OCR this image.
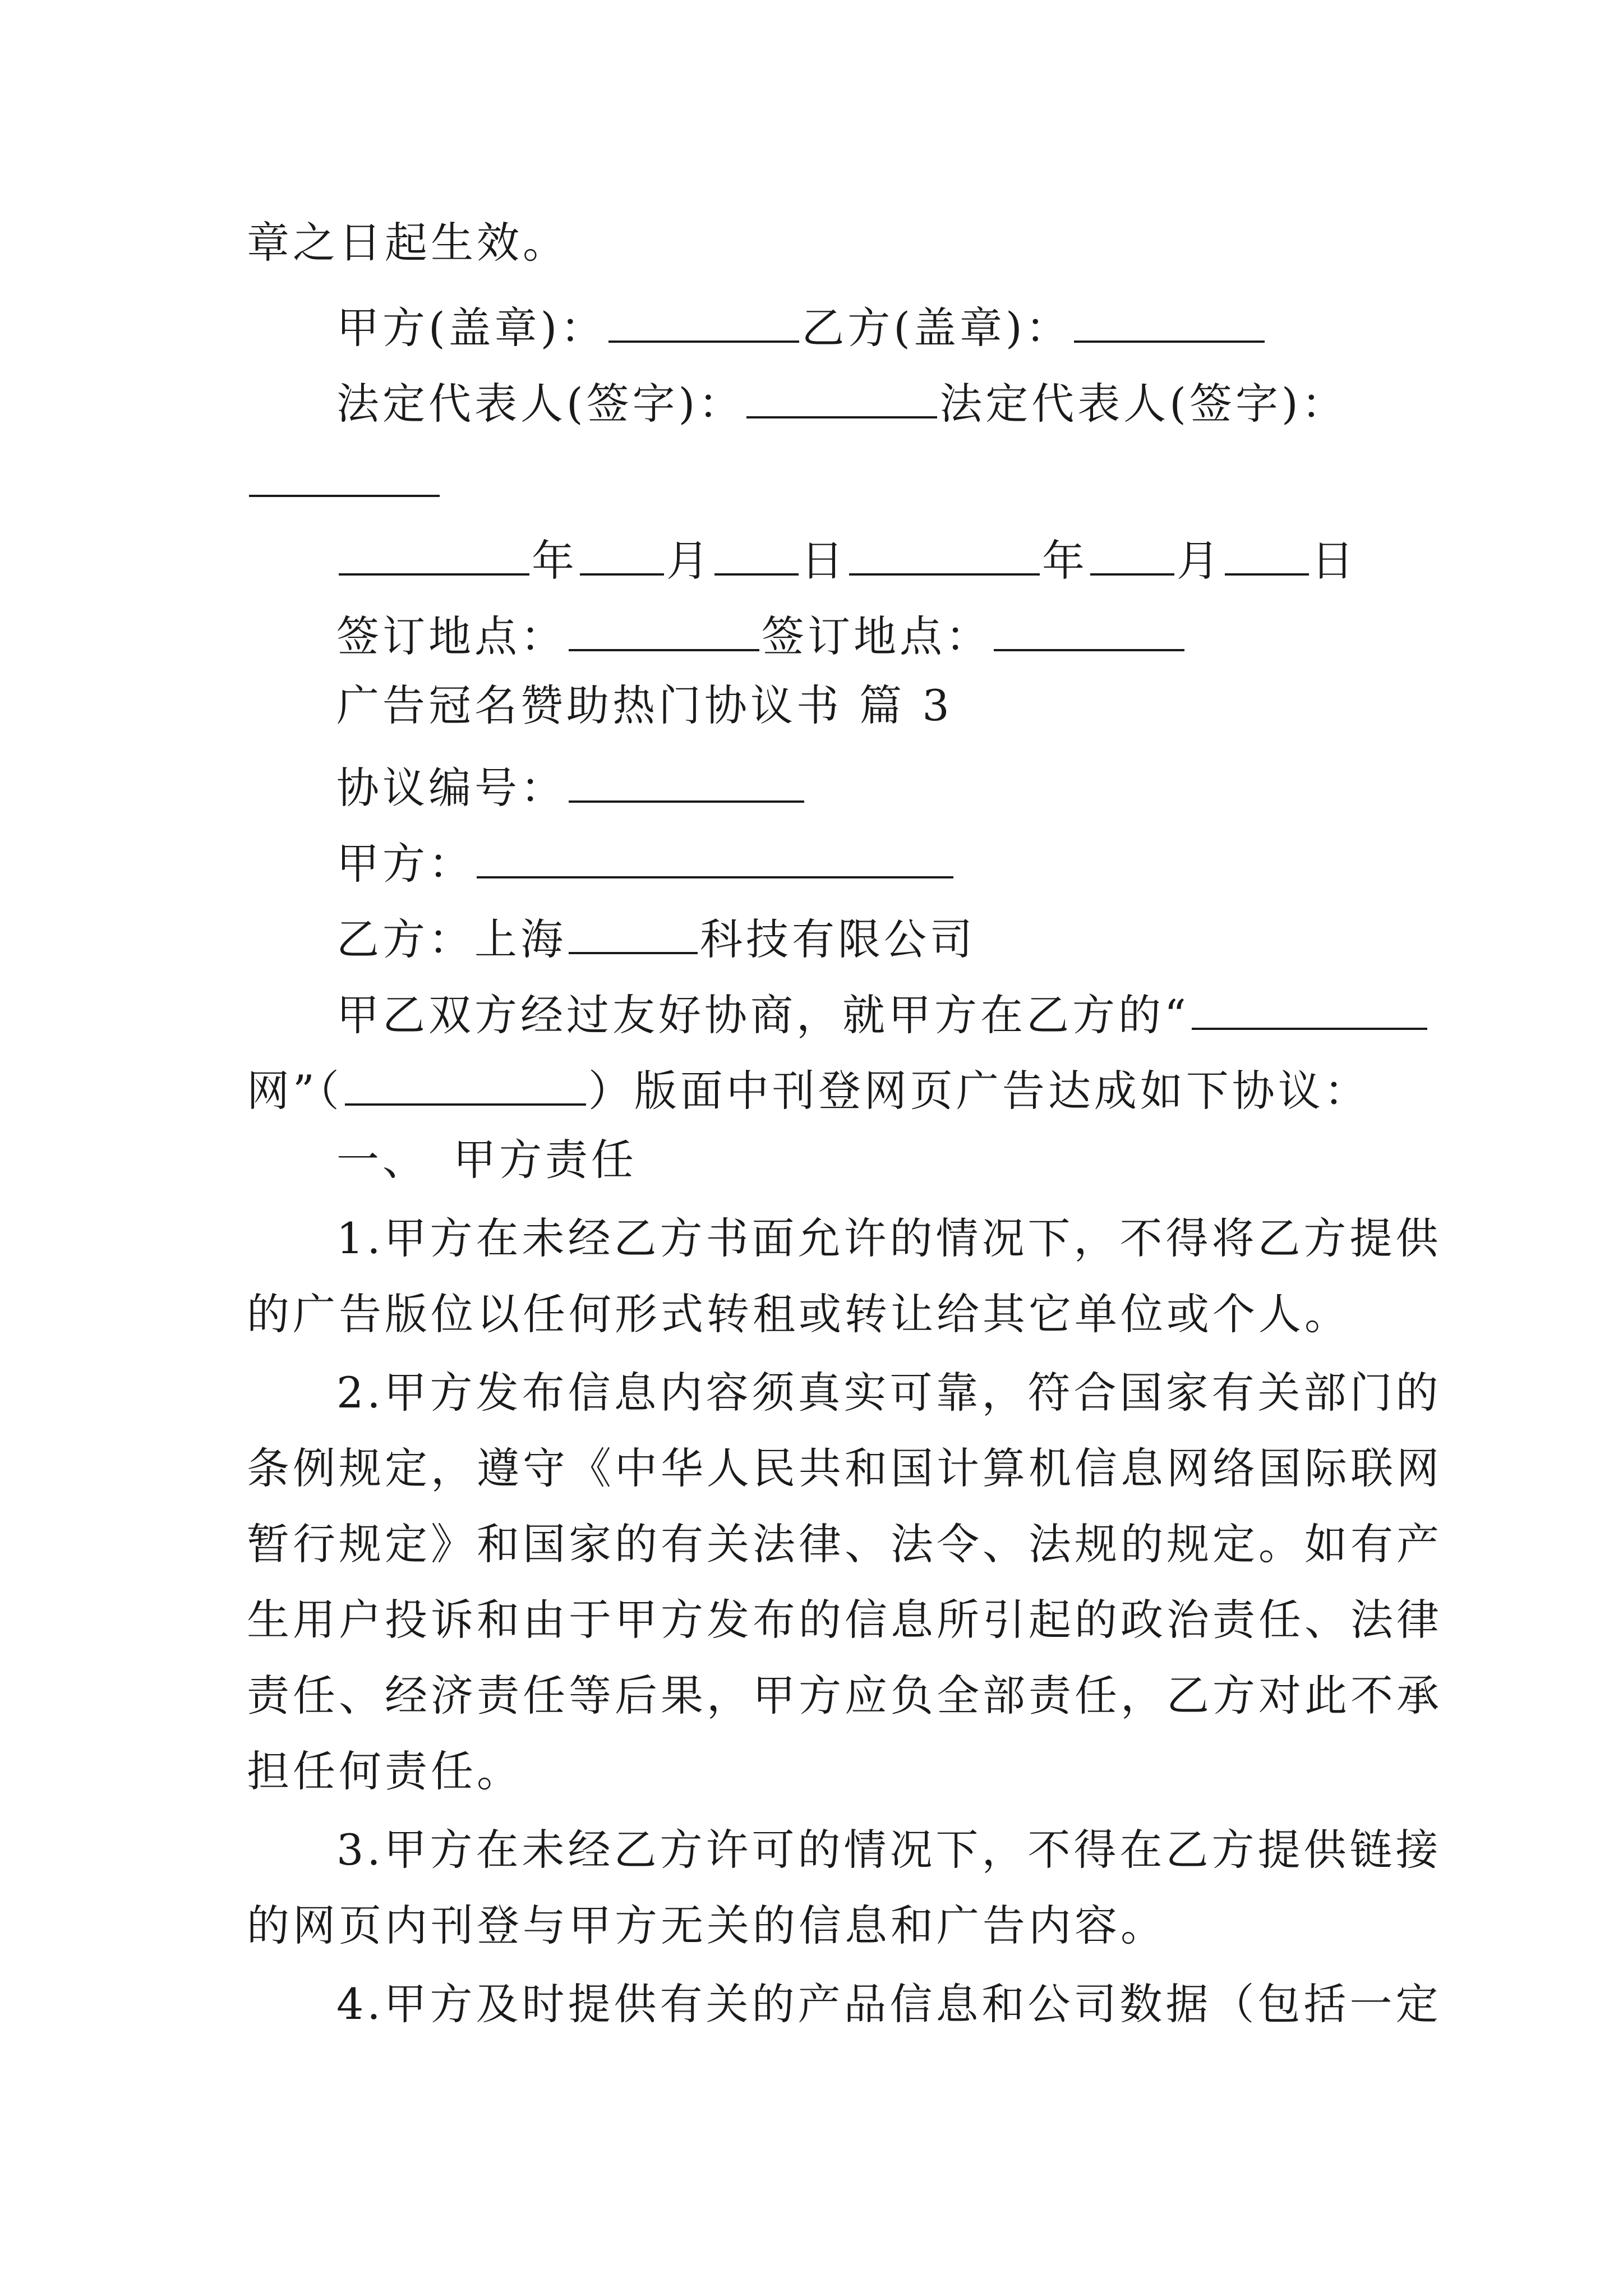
章之日起生效。
甲方(盖章)：	乙方(盖章)：
法定代表人(签字)：	法定代表人(签字)：
年 月 日	年 月 日
签订地点：	签订地点：
广告冠名赞助热门协议书 篇 3
协议编号：
甲方：
乙方：上海	科技有限公司
甲乙双方经过友好协商，就甲方在乙方的“
网”（	）版面中刊登网页广告达成如下协议：
一、　甲方责任
1.甲方在未经乙方书面允许的情况下，不得将乙方提供
的广告版位以任何形式转租或转让给其它单位或个人。
2.甲方发布信息内容须真实可靠，符合国家有关部门的
条例规定，遵守《中华人民共和国计算机信息网络国际联网
暂行规定》和国家的有关法律、法令、法规的规定。如有产
生用户投诉和由于甲方发布的信息所引起的政治责任、法律
责任、经济责任等后果，甲方应负全部责任，乙方对此不承
担任何责任。
3.甲方在未经乙方许可的情况下，不得在乙方提供链接
的网页内刊登与甲方无关的信息和广告内容。
4.甲方及时提供有关的产品信息和公司数据（包括一定
